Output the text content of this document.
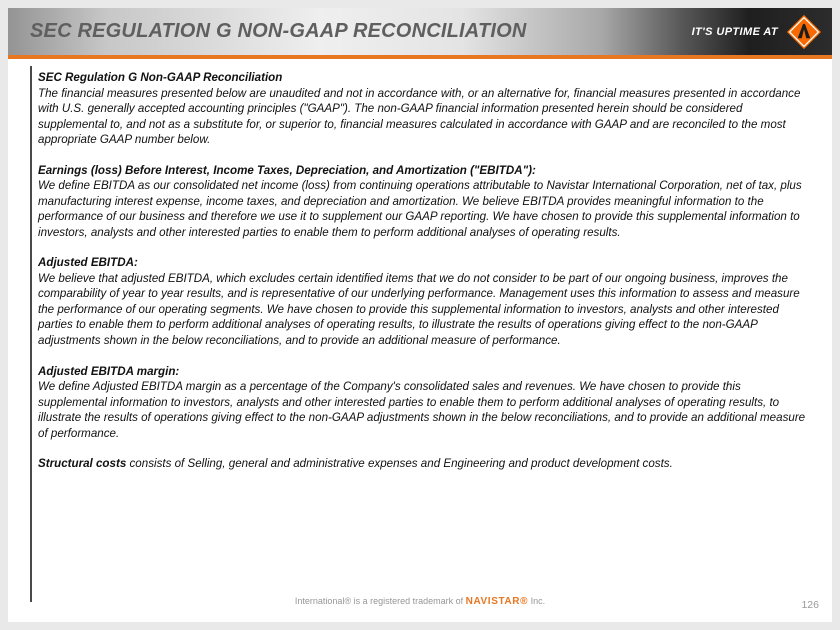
SEC REGULATION G NON-GAAP RECONCILIATION	IT'S UPTIME AT

SEC Regulation G Non-GAAP Reconciliation
The financial measures presented below are unaudited and not in accordance with, or an alternative for, financial measures presented in accordance with U.S. generally accepted accounting principles ("GAAP"). The non-GAAP financial information presented herein should be considered supplemental to, and not as a substitute for, or superior to, financial measures calculated in accordance with GAAP and are reconciled to the most appropriate GAAP number below.

Earnings (loss) Before Interest, Income Taxes, Depreciation, and Amortization ("EBITDA"):
We define EBITDA as our consolidated net income (loss) from continuing operations attributable to Navistar International Corporation, net of tax, plus manufacturing interest expense, income taxes, and depreciation and amortization. We believe EBITDA provides meaningful information to the performance of our business and therefore we use it to supplement our GAAP reporting. We have chosen to provide this supplemental information to investors, analysts and other interested parties to enable them to perform additional analyses of operating results.

Adjusted EBITDA:
We believe that adjusted EBITDA, which excludes certain identified items that we do not consider to be part of our ongoing business, improves the comparability of year to year results, and is representative of our underlying performance. Management uses this information to assess and measure the performance of our operating segments. We have chosen to provide this supplemental information to investors, analysts and other interested parties to enable them to perform additional analyses of operating results, to illustrate the results of operations giving effect to the non-GAAP adjustments shown in the below reconciliations, and to provide an additional measure of performance.

Adjusted EBITDA margin:
We define Adjusted EBITDA margin as a percentage of the Company's consolidated sales and revenues. We have chosen to provide this supplemental information to investors, analysts and other interested parties to enable them to perform additional analyses of operating results, to illustrate the results of operations giving effect to the non-GAAP adjustments shown in the below reconciliations, and to provide an additional measure of performance.

Structural costs consists of Selling, general and administrative expenses and Engineering and product development costs.

International® is a registered trademark of NAVISTAR® Inc.	126
